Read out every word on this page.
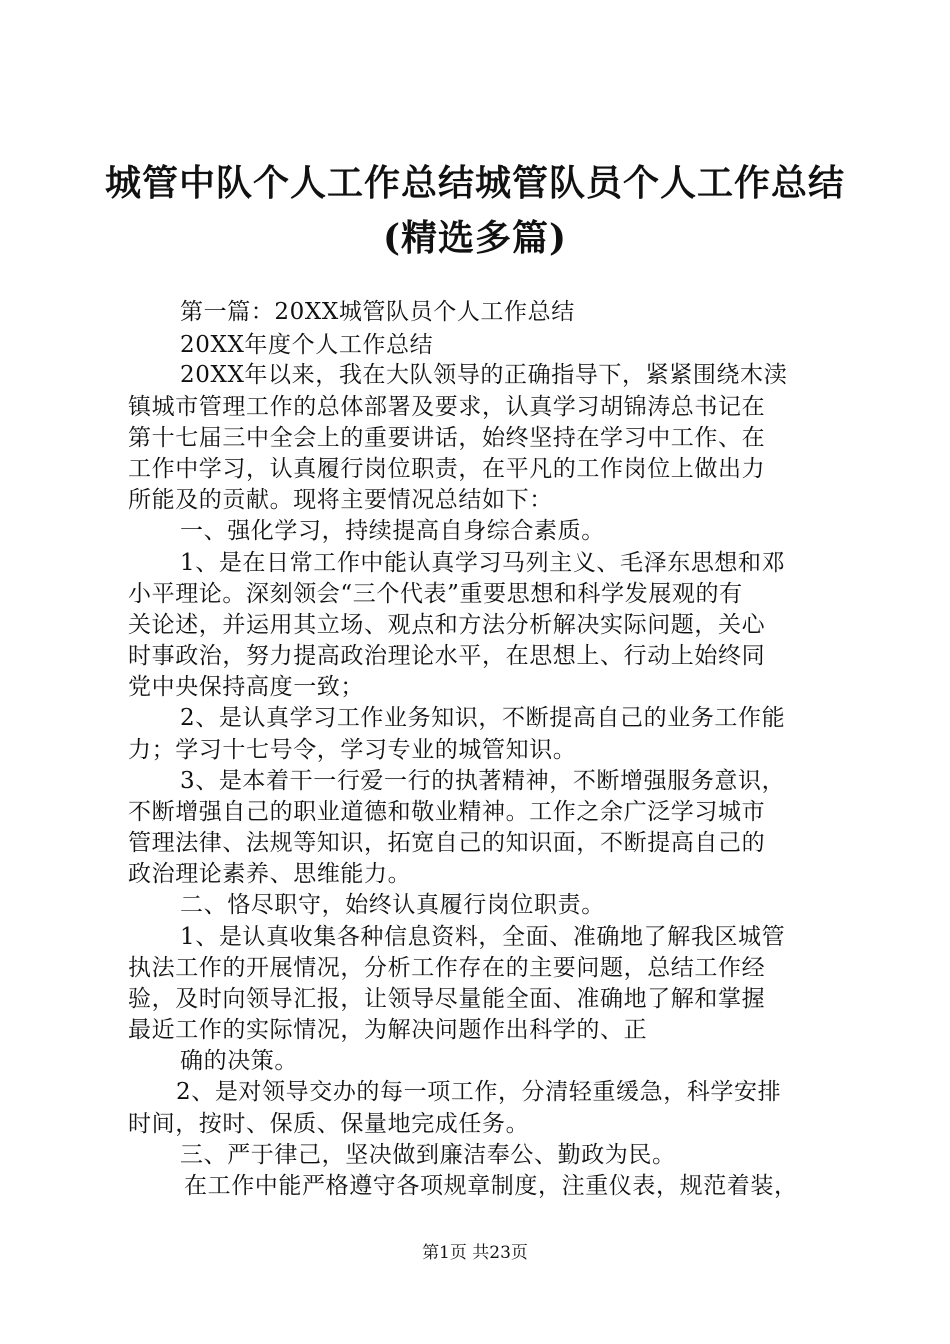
城管中队个人工作总结城管队员个人工作总结
(精选多篇)
第一篇：20XX城管队员个人工作总结
20XX年度个人工作总结
20XX年以来，我在大队领导的正确指导下，紧紧围绕木渎
镇城市管理工作的总体部署及要求，认真学习胡锦涛总书记在
第十七届三中全会上的重要讲话，始终坚持在学习中工作、在
工作中学习，认真履行岗位职责，在平凡的工作岗位上做出力
所能及的贡献。现将主要情况总结如下：
一、强化学习，持续提高自身综合素质。
1、是在日常工作中能认真学习马列主义、毛泽东思想和邓
小平理论。深刻领会“三个代表”重要思想和科学发展观的有
关论述，并运用其立场、观点和方法分析解决实际问题，关心
时事政治，努力提高政治理论水平，在思想上、行动上始终同
党中央保持高度一致；
2、是认真学习工作业务知识，不断提高自己的业务工作能
力；学习十七号令，学习专业的城管知识。
3、是本着干一行爱一行的执著精神，不断增强服务意识，
不断增强自己的职业道德和敬业精神。工作之余广泛学习城市
管理法律、法规等知识，拓宽自己的知识面，不断提高自己的
政治理论素养、思维能力。
二、恪尽职守，始终认真履行岗位职责。
1、是认真收集各种信息资料，全面、准确地了解我区城管
执法工作的开展情况，分析工作存在的主要问题，总结工作经
验，及时向领导汇报，让领导尽量能全面、准确地了解和掌握
最近工作的实际情况，为解决问题作出科学的、正
确的决策。
2、是对领导交办的每一项工作，分清轻重缓急，科学安排
时间，按时、保质、保量地完成任务。
三、严于律己，坚决做到廉洁奉公、勤政为民。
在工作中能严格遵守各项规章制度，注重仪表，规范着装，
第1页 共23页
